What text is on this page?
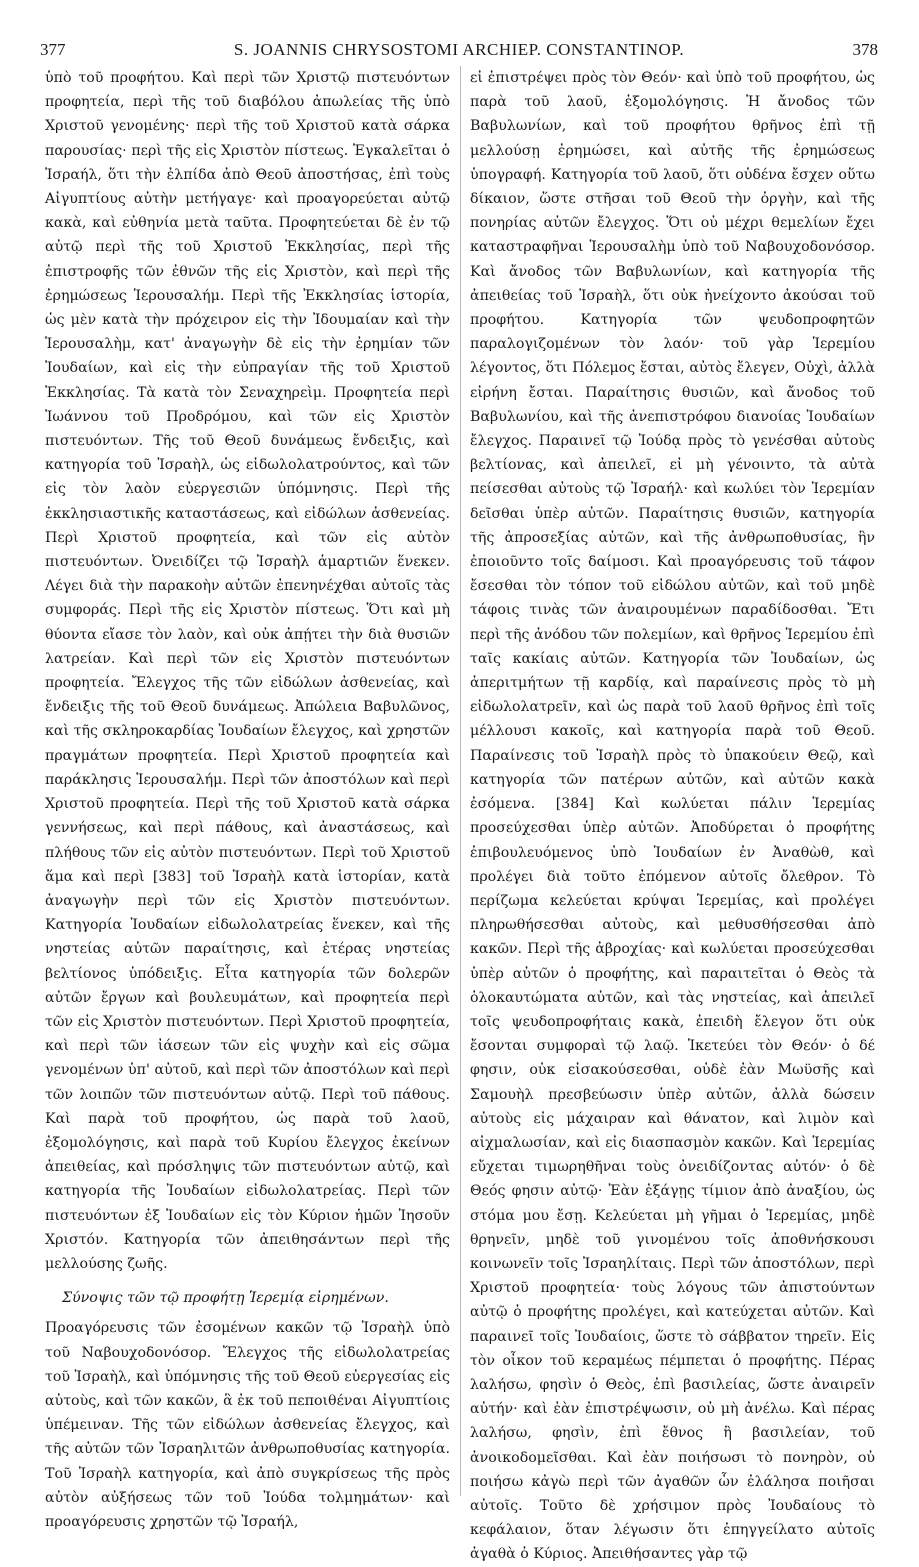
377	S. JOANNIS CHRYSOSTOMI ARCHIEP. CONSTANTINOP.	378

ὑπὸ τοῦ προφήτου. Καὶ περὶ τῶν Χριστῷ πιστευόντων προφητεία, περὶ τῆς τοῦ διαβόλου ἀπωλείας τῆς ὑπὸ Χριστοῦ γενομένης· περὶ τῆς τοῦ Χριστοῦ κατὰ σάρκα παρουσίας· περὶ τῆς εἰς Χριστὸν πίστεως. Ἐγκαλεῖται ὁ Ἰσραήλ, ὅτι τὴν ἐλπίδα ἀπὸ Θεοῦ ἀποστήσας, ἐπὶ τοὺς Αἰγυπτίους αὐτὴν μετήγαγε· καὶ προαγορεύεται αὐτῷ κακὰ, καὶ εὐθηνία μετὰ ταῦτα. Προφητεύεται δὲ ἐν τῷ αὐτῷ περὶ τῆς τοῦ Χριστοῦ Ἐκκλησίας, περὶ τῆς ἐπιστροφῆς τῶν ἐθνῶν τῆς εἰς Χριστὸν, καὶ περὶ τῆς ἐρημώσεως Ἱερουσαλήμ. Περὶ τῆς Ἐκκλησίας ἱστορία, ὡς μὲν κατὰ τὴν πρόχειρον εἰς τὴν Ἰδουμαίαν καὶ τὴν Ἱερουσαλὴμ, κατ' ἀναγωγὴν δὲ εἰς τὴν ἐρημίαν τῶν Ἰουδαίων, καὶ εἰς τὴν εὐπραγίαν τῆς τοῦ Χριστοῦ Ἐκκλησίας. Τὰ κατὰ τὸν Σεναχηρεὶμ. Προφητεία περὶ Ἰωάννου τοῦ Προδρόμου, καὶ τῶν εἰς Χριστὸν πιστευόντων. Τῆς τοῦ Θεοῦ δυνάμεως ἔνδειξις, καὶ κατηγορία τοῦ Ἰσραὴλ, ὡς εἰδωλολατρούντος, καὶ τῶν εἰς τὸν λαὸν εὐεργεσιῶν ὑπόμνησις. Περὶ τῆς ἐκκλησιαστικῆς καταστάσεως, καὶ εἰδώλων ἀσθενείας. Περὶ Χριστοῦ προφητεία, καὶ τῶν εἰς αὐτὸν πιστευόντων. Ὀνειδίζει τῷ Ἰσραὴλ ἁμαρτιῶν ἕνεκεν. Λέγει διὰ τὴν παρακοὴν αὐτῶν ἐπενηνέχθαι αὐτοῖς τὰς συμφοράς. Περὶ τῆς εἰς Χριστὸν πίστεως. Ὅτι καὶ μὴ θύοντα εἴασε τὸν λαὸν, καὶ οὐκ ἀπῄτει τὴν διὰ θυσιῶν λατρείαν. Καὶ περὶ τῶν εἰς Χριστὸν πιστευόντων προφητεία. Ἔλεγχος τῆς τῶν εἰδώλων ἀσθενείας, καὶ ἔνδειξις τῆς τοῦ Θεοῦ δυνάμεως. Ἀπώλεια Βαβυλῶνος, καὶ τῆς σκληροκαρδίας Ἰουδαίων ἔλεγχος, καὶ χρηστῶν πραγμάτων προφητεία. Περὶ Χριστοῦ προφητεία καὶ παράκλησις Ἱερουσαλήμ. Περὶ τῶν ἀποστόλων καὶ περὶ Χριστοῦ προφητεία. Περὶ τῆς τοῦ Χριστοῦ κατὰ σάρκα γεννήσεως, καὶ περὶ πάθους, καὶ ἀναστάσεως, καὶ πλήθους τῶν εἰς αὐτὸν πιστευόντων. Περὶ τοῦ Χριστοῦ ἅμα καὶ περὶ [383] τοῦ Ἰσραὴλ κατὰ ἱστορίαν, κατὰ ἀναγωγὴν περὶ τῶν εἰς Χριστὸν πιστευόντων. Κατηγορία Ἰουδαίων εἰδωλολατρείας ἕνεκεν, καὶ τῆς νηστείας αὐτῶν παραίτησις, καὶ ἑτέρας νηστείας βελτίονος ὑπόδειξις. Εἶτα κατηγορία τῶν δολερῶν αὐτῶν ἔργων καὶ βουλευμάτων, καὶ προφητεία περὶ τῶν εἰς Χριστὸν πιστευόντων. Περὶ Χριστοῦ προφητεία, καὶ περὶ τῶν ἰάσεων τῶν εἰς ψυχὴν καὶ εἰς σῶμα γενομένων ὑπ' αὐτοῦ, καὶ περὶ τῶν ἀποστόλων καὶ περὶ τῶν λοιπῶν τῶν πιστευόντων αὐτῷ. Περὶ τοῦ πάθους. Καὶ παρὰ τοῦ προφήτου, ὡς παρὰ τοῦ λαοῦ, ἐξομολόγησις, καὶ παρὰ τοῦ Κυρίου ἔλεγχος ἐκείνων ἀπειθείας, καὶ πρόσληψις τῶν πιστευόντων αὐτῷ, καὶ κατηγορία τῆς Ἰουδαίων εἰδωλολατρείας. Περὶ τῶν πιστευόντων ἐξ Ἰουδαίων εἰς τὸν Κύριον ἡμῶν Ἰησοῦν Χριστόν. Κατηγορία τῶν ἀπειθησάντων περὶ τῆς μελλούσης ζωῆς.

Σύνοψις τῶν τῷ προφήτῃ Ἱερεμίᾳ εἰρημένων.

Προαγόρευσις τῶν ἐσομένων κακῶν τῷ Ἰσραὴλ ὑπὸ τοῦ Ναβουχοδονόσορ. Ἔλεγχος τῆς εἰδωλολατρείας τοῦ Ἰσραὴλ, καὶ ὑπόμνησις τῆς τοῦ Θεοῦ εὐεργεσίας εἰς αὐτοὺς, καὶ τῶν κακῶν, ἃ ἐκ τοῦ πεποιθέναι Αἰγυπτίοις ὑπέμειναν. Τῆς τῶν εἰδώλων ἀσθενείας ἔλεγχος, καὶ τῆς αὐτῶν τῶν Ἰσραηλιτῶν ἀνθρωποθυσίας κατηγορία. Τοῦ Ἰσραὴλ κατηγορία, καὶ ἀπὸ συγκρίσεως τῆς πρὸς αὐτὸν αὐξήσεως τῶν τοῦ Ἰούδα τολμημάτων· καὶ προαγόρευσις χρηστῶν τῷ Ἰσραήλ,

εἰ ἐπιστρέψει πρὸς τὸν Θεόν· καὶ ὑπὸ τοῦ προφήτου, ὡς παρὰ τοῦ λαοῦ, ἐξομολόγησις. Ἡ ἄνοδος τῶν Βαβυλωνίων, καὶ τοῦ προφήτου θρῆνος ἐπὶ τῇ μελλούσῃ ἐρημώσει, καὶ αὐτῆς τῆς ἐρημώσεως ὑπογραφή. Κατηγορία τοῦ λαοῦ, ὅτι οὐδένα ἔσχεν οὕτω δίκαιον, ὥστε στῆσαι τοῦ Θεοῦ τὴν ὀργὴν, καὶ τῆς πονηρίας αὐτῶν ἔλεγχος. Ὅτι οὐ μέχρι θεμελίων ἔχει καταστραφῆναι Ἱερουσαλὴμ ὑπὸ τοῦ Ναβουχοδονόσορ. Καὶ ἄνοδος τῶν Βαβυλωνίων, καὶ κατηγορία τῆς ἀπειθείας τοῦ Ἰσραὴλ, ὅτι οὐκ ἠνείχοντο ἀκούσαι τοῦ προφήτου. Κατηγορία τῶν ψευδοπροφητῶν παραλογιζομένων τὸν λαόν· τοῦ γὰρ Ἱερεμίου λέγοντος, ὅτι Πόλεμος ἔσται, αὐτὸς ἔλεγεν, Οὐχὶ, ἀλλὰ εἰρήνη ἔσται. Παραίτησις θυσιῶν, καὶ ἄνοδος τοῦ Βαβυλωνίου, καὶ τῆς ἀνεπιστρόφου διανοίας Ἰουδαίων ἔλεγχος. Παραινεῖ τῷ Ἰούδᾳ πρὸς τὸ γενέσθαι αὐτοὺς βελτίονας, καὶ ἀπειλεῖ, εἰ μὴ γένοιντο, τὰ αὐτὰ πείσεσθαι αὐτοὺς τῷ Ἰσραήλ· καὶ κωλύει τὸν Ἱερεμίαν δεῖσθαι ὑπὲρ αὐτῶν. Παραίτησις θυσιῶν, κατηγορία τῆς ἀπροσεξίας αὐτῶν, καὶ τῆς ἀνθρωποθυσίας, ἣν ἐποιοῦντο τοῖς δαίμοσι. Καὶ προαγόρευσις τοῦ τάφον ἔσεσθαι τὸν τόπον τοῦ εἰδώλου αὐτῶν, καὶ τοῦ μηδὲ τάφοις τινὰς τῶν ἀναιρουμένων παραδίδοσθαι. Ἔτι περὶ τῆς ἀνόδου τῶν πολεμίων, καὶ θρῆνος Ἱερεμίου ἐπὶ ταῖς κακίαις αὐτῶν. Κατηγορία τῶν Ἰουδαίων, ὡς ἀπεριτμήτων τῇ καρδίᾳ, καὶ παραίνεσις πρὸς τὸ μὴ εἰδωλολατρεῖν, καὶ ὡς παρὰ τοῦ λαοῦ θρῆνος ἐπὶ τοῖς μέλλουσι κακοῖς, καὶ κατηγορία παρὰ τοῦ Θεοῦ. Παραίνεσις τοῦ Ἰσραὴλ πρὸς τὸ ὑπακούειν Θεῷ, καὶ κατηγορία τῶν πατέρων αὐτῶν, καὶ αὐτῶν κακὰ ἐσόμενα. [384] Καὶ κωλύεται πάλιν Ἱερεμίας προσεύχεσθαι ὑπὲρ αὐτῶν. Ἀποδύρεται ὁ προφήτης ἐπιβουλευόμενος ὑπὸ Ἰουδαίων ἐν Ἀναθὼθ, καὶ προλέγει διὰ τοῦτο ἐπόμενον αὐτοῖς ὄλεθρον. Τὸ περίζωμα κελεύεται κρύψαι Ἱερεμίας, καὶ προλέγει πληρωθήσεσθαι αὐτοὺς, καὶ μεθυσθήσεσθαι ἀπὸ κακῶν. Περὶ τῆς ἀβροχίας· καὶ κωλύεται προσεύχεσθαι ὑπὲρ αὐτῶν ὁ προφήτης, καὶ παραιτεῖται ὁ Θεὸς τὰ ὁλοκαυτώματα αὐτῶν, καὶ τὰς νηστείας, καὶ ἀπειλεῖ τοῖς ψευδοπροφήταις κακὰ, ἐπειδὴ ἔλεγον ὅτι οὐκ ἔσονται συμφοραὶ τῷ λαῷ. Ἱκετεύει τὸν Θεόν· ὁ δέ φησιν, οὐκ εἰσακούσεσθαι, οὐδὲ ἐὰν Μωϋσῆς καὶ Σαμουὴλ πρεσβεύωσιν ὑπὲρ αὐτῶν, ἀλλὰ δώσειν αὐτοὺς εἰς μάχαιραν καὶ θάνατον, καὶ λιμὸν καὶ αἰχμαλωσίαν, καὶ εἰς διασπασμὸν κακῶν. Καὶ Ἱερεμίας εὔχεται τιμωρηθῆναι τοὺς ὀνειδίζοντας αὐτόν· ὁ δὲ Θεός φησιν αὐτῷ· Ἐὰν ἐξάγῃς τίμιον ἀπὸ ἀναξίου, ὡς στόμα μου ἔσῃ. Κελεύεται μὴ γῆμαι ὁ Ἱερεμίας, μηδὲ θρηνεῖν, μηδὲ τοῦ γινομένου τοῖς ἀποθνήσκουσι κοινωνεῖν τοῖς Ἰσραηλίταις. Περὶ τῶν ἀποστόλων, περὶ Χριστοῦ προφητεία· τοὺς λόγους τῶν ἀπιστούντων αὐτῷ ὁ προφήτης προλέγει, καὶ κατεύχεται αὐτῶν. Καὶ παραινεῖ τοῖς Ἰουδαίοις, ὥστε τὸ σάββατον τηρεῖν. Εἰς τὸν οἶκον τοῦ κεραμέως πέμπεται ὁ προφήτης. Πέρας λαλήσω, φησὶν ὁ Θεὸς, ἐπὶ βασιλείας, ὥστε ἀναιρεῖν αὐτήν· καὶ ἐὰν ἐπιστρέψωσιν, οὐ μὴ ἀνέλω. Καὶ πέρας λαλήσω, φησὶν, ἐπὶ ἔθνος ἢ βασιλείαν, τοῦ ἀνοικοδομεῖσθαι. Καὶ ἐὰν ποιήσωσι τὸ πονηρὸν, οὐ ποιήσω κἀγὼ περὶ τῶν ἀγαθῶν ὧν ἐλάλησα ποιῆσαι αὐτοῖς. Τοῦτο δὲ χρήσιμον πρὸς Ἰουδαίους τὸ κεφάλαιον, ὅταν λέγωσιν ὅτι ἐπηγγείλατο αὐτοῖς ἀγαθὰ ὁ Κύριος. Ἀπειθήσαντες γὰρ τῷ
